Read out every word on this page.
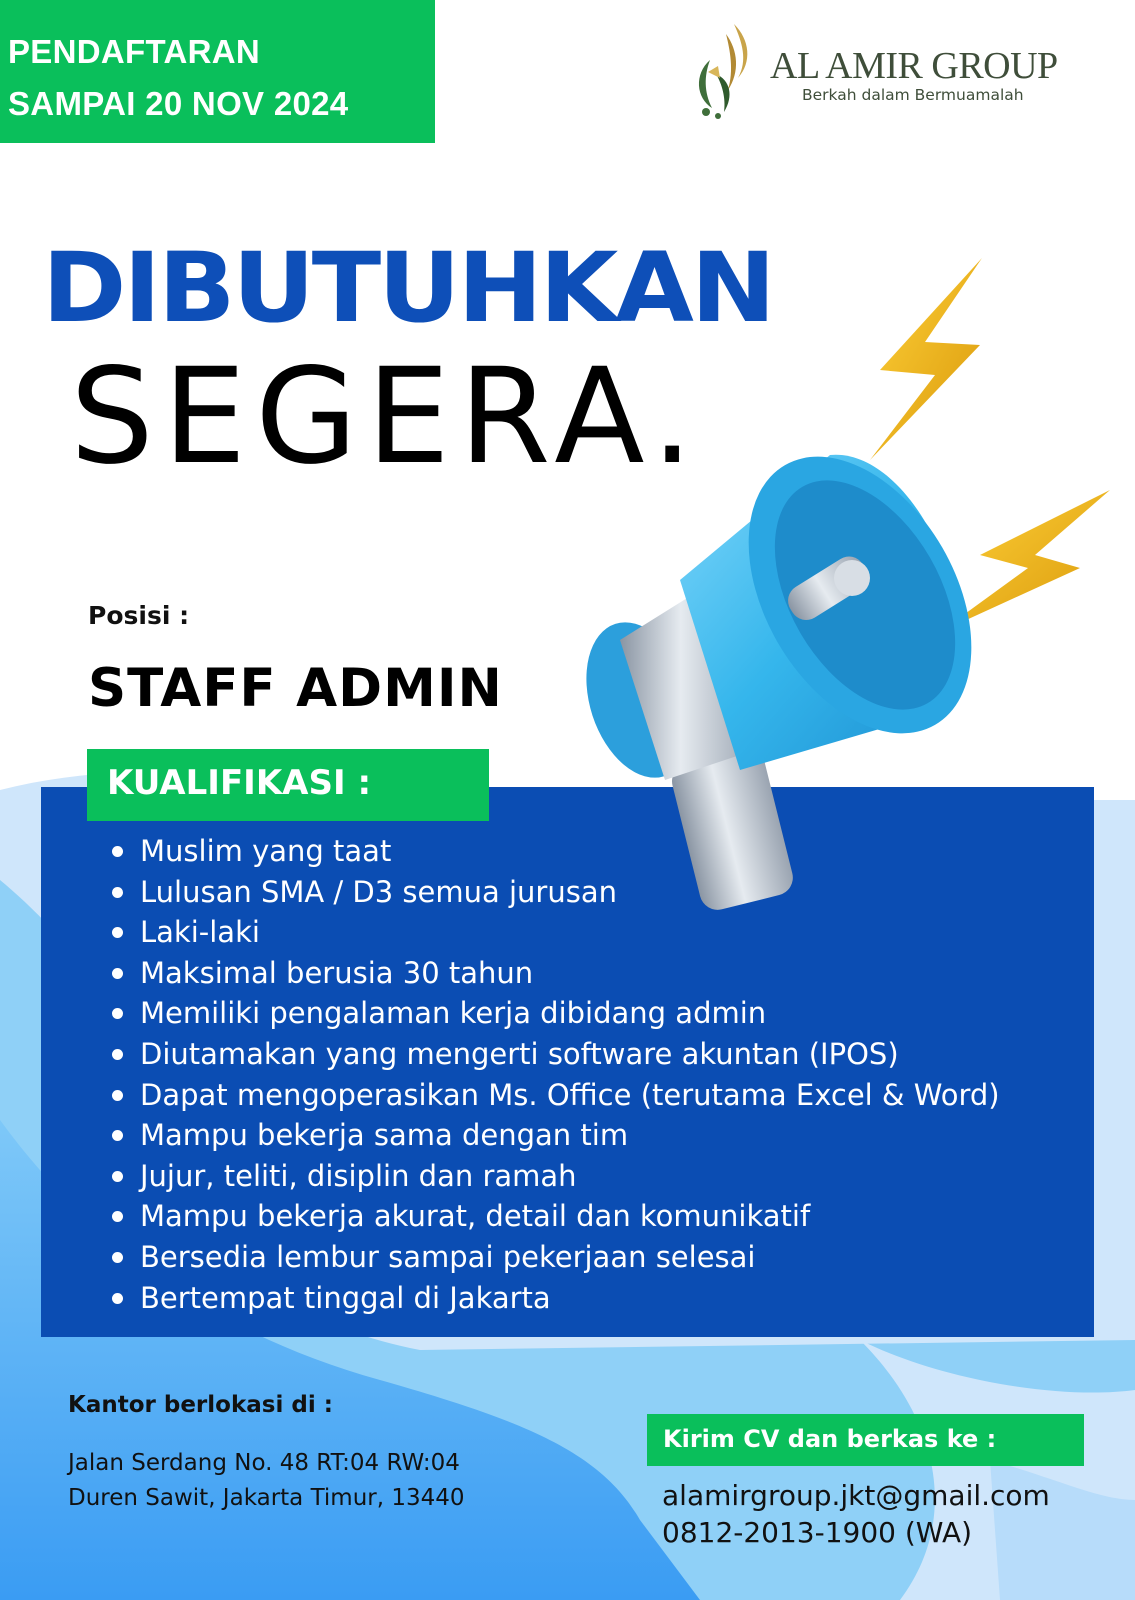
PENDAFTARAN
SAMPAI 20 NOV 2024
AL AMIR GROUP
Berkah dalam Bermuamalah
DIBUTUHKAN
SEGERA.
Posisi :
STAFF ADMIN
KUALIFIKASI :
Muslim yang taat
Lulusan SMA / D3 semua jurusan
Laki-laki
Maksimal berusia 30 tahun
Memiliki pengalaman kerja dibidang admin
Diutamakan yang mengerti software akuntan (IPOS)
Dapat mengoperasikan Ms. Office (terutama Excel & Word)
Mampu bekerja sama dengan tim
Jujur, teliti, disiplin dan ramah
Mampu bekerja akurat, detail dan komunikatif
Bersedia lembur sampai pekerjaan selesai
Bertempat tinggal di Jakarta
Kantor berlokasi di :
Jalan Serdang No. 48 RT:04 RW:04
Duren Sawit, Jakarta Timur, 13440
Kirim CV dan berkas ke :
alamirgroup.jkt@gmail.com
0812-2013-1900 (WA)
